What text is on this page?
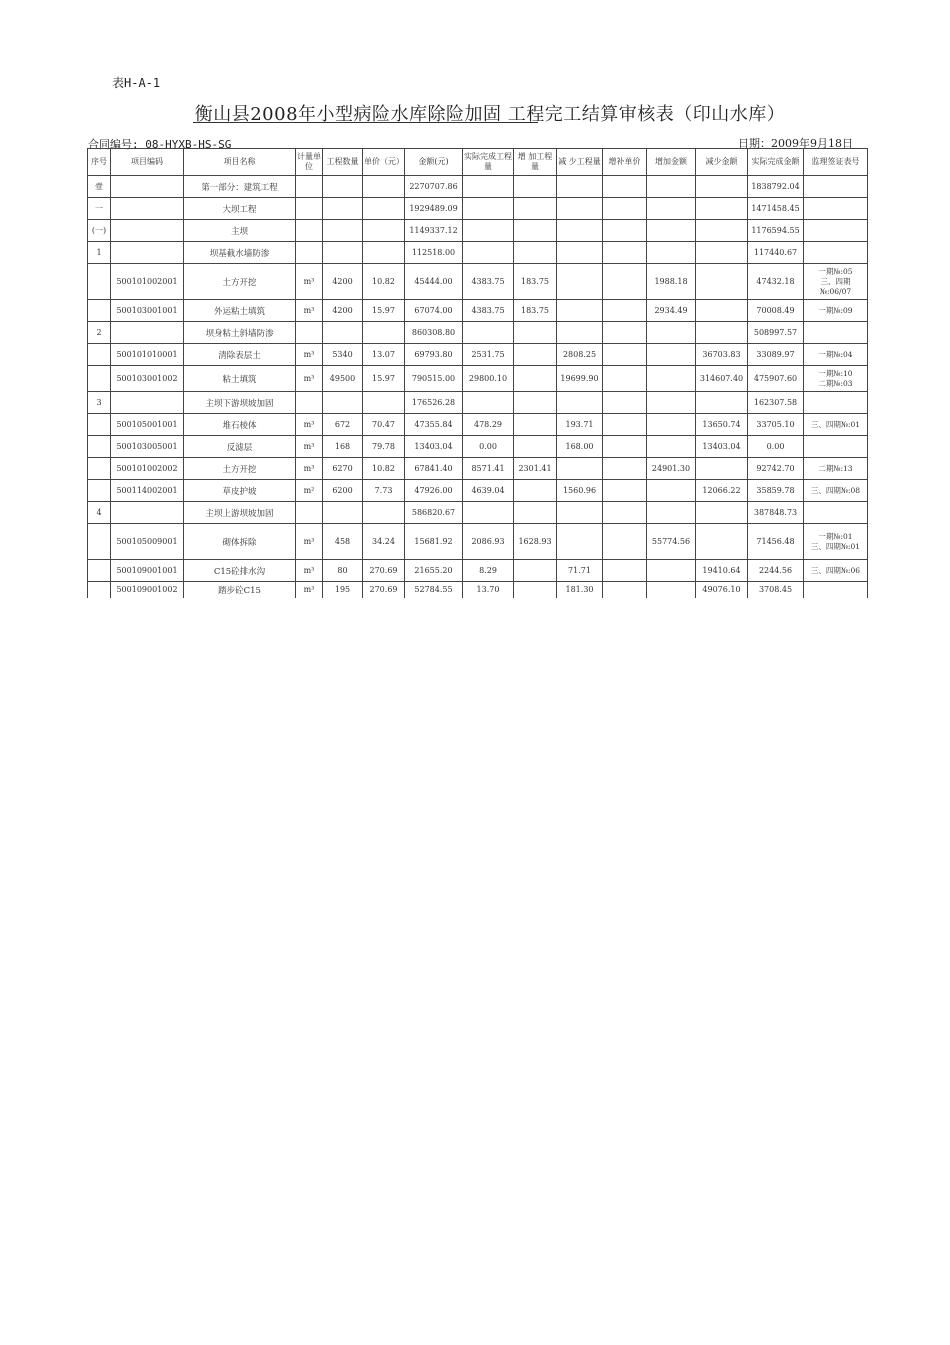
表H-A-1
衡山县2008年小型病险水库除险加固 工程完工结算审核表（印山水库）
合同编号: 08-HYXB-HS-SG	日期：2009年9月18日
序号	项目编码	项目名称	计量单位	工程数量	单价（元）	金额(元)	实际完成工程量	增 加工程量	减 少工程量	增补单价	增加金额	减少金额	实际完成金额	监理签证表号
壹		第一部分：建筑工程				2270707.86							1838792.04	
一		大坝工程				1929489.09							1471458.45	
(一)		主坝				1149337.12							1176594.55	
1		坝基截水墙防渗				112518.00							117440.67	
	500101002001	土方开挖	m³	4200	10.82	45444.00	4383.75	183.75			1988.18		47432.18	一期№:05
三、四期
№:06/07
	500103001001	外运粘土填筑	m³	4200	15.97	67074.00	4383.75	183.75			2934.49		70008.49	一期№:09
2		坝身粘土斜墙防渗				860308.80							508997.57	
	500101010001	清除表层土	m³	5340	13.07	69793.80	2531.75		2808.25			36703.83	33089.97	一期№:04
	500103001002	粘土填筑	m³	49500	15.97	790515.00	29800.10		19699.90			314607.40	475907.60	一期№:10
二期№:03
3		主坝下游坝坡加固				176526.28							162307.58	
	500105001001	堆石棱体	m³	672	70.47	47355.84	478.29		193.71			13650.74	33705.10	三、四期№:01
	500103005001	反滤层	m³	168	79.78	13403.04	0.00		168.00			13403.04	0.00	
	500101002002	土方开挖	m³	6270	10.82	67841.40	8571.41	2301.41			24901.30		92742.70	二期№:13
	500114002001	草皮护坡	m²	6200	7.73	47926.00	4639.04		1560.96			12066.22	35859.78	三、四期№:08
4		主坝上游坝坡加固				586820.67							387848.73	
	500105009001	砌体拆除	m³	458	34.24	15681.92	2086.93	1628.93			55774.56		71456.48	一期№:01
三、四期№:01
	500109001001	C15砼排水沟	m³	80	270.69	21655.20	8.29		71.71			19410.64	2244.56	三、四期№:06
	500109001002	踏步砼C15	m³	195	270.69	52784.55	13.70		181.30			49076.10	3708.45	
